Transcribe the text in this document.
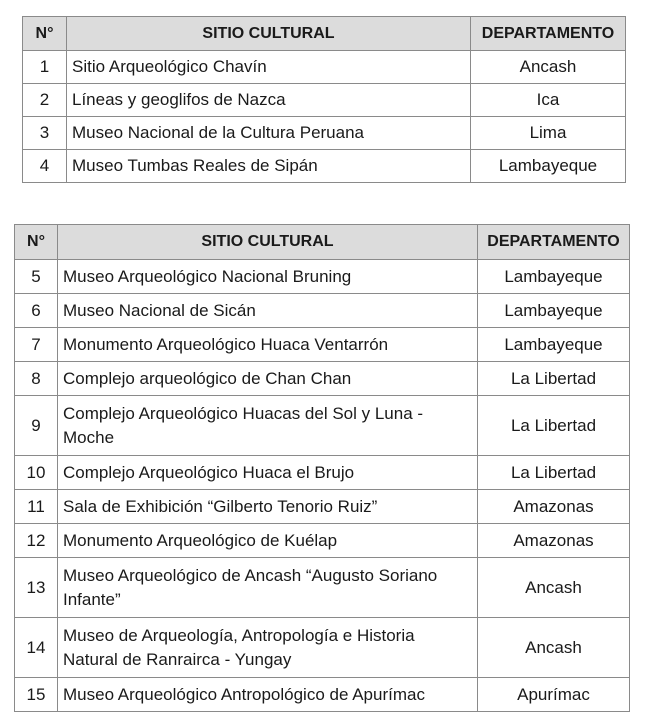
N°	SITIO CULTURAL	DEPARTAMENTO
1	Sitio Arqueológico Chavín	Ancash
2	Líneas y geoglifos de Nazca	Ica
3	Museo Nacional de la Cultura Peruana	Lima
4	Museo Tumbas Reales de Sipán	Lambayeque
N°	SITIO CULTURAL	DEPARTAMENTO
5	Museo Arqueológico Nacional Bruning	Lambayeque
6	Museo Nacional de Sicán	Lambayeque
7	Monumento Arqueológico Huaca Ventarrón	Lambayeque
8	Complejo arqueológico de Chan Chan	La Libertad
9	Complejo Arqueológico Huacas del Sol y Luna - Moche	La Libertad
10	Complejo Arqueológico Huaca el Brujo	La Libertad
11	Sala de Exhibición “Gilberto Tenorio Ruiz”	Amazonas
12	Monumento Arqueológico de Kuélap	Amazonas
13	Museo Arqueológico de Ancash “Augusto Soriano Infante”	Ancash
14	Museo de Arqueología, Antropología e Historia Natural de Ranrairca - Yungay	Ancash
15	Museo Arqueológico Antropológico de Apurímac	Apurímac
